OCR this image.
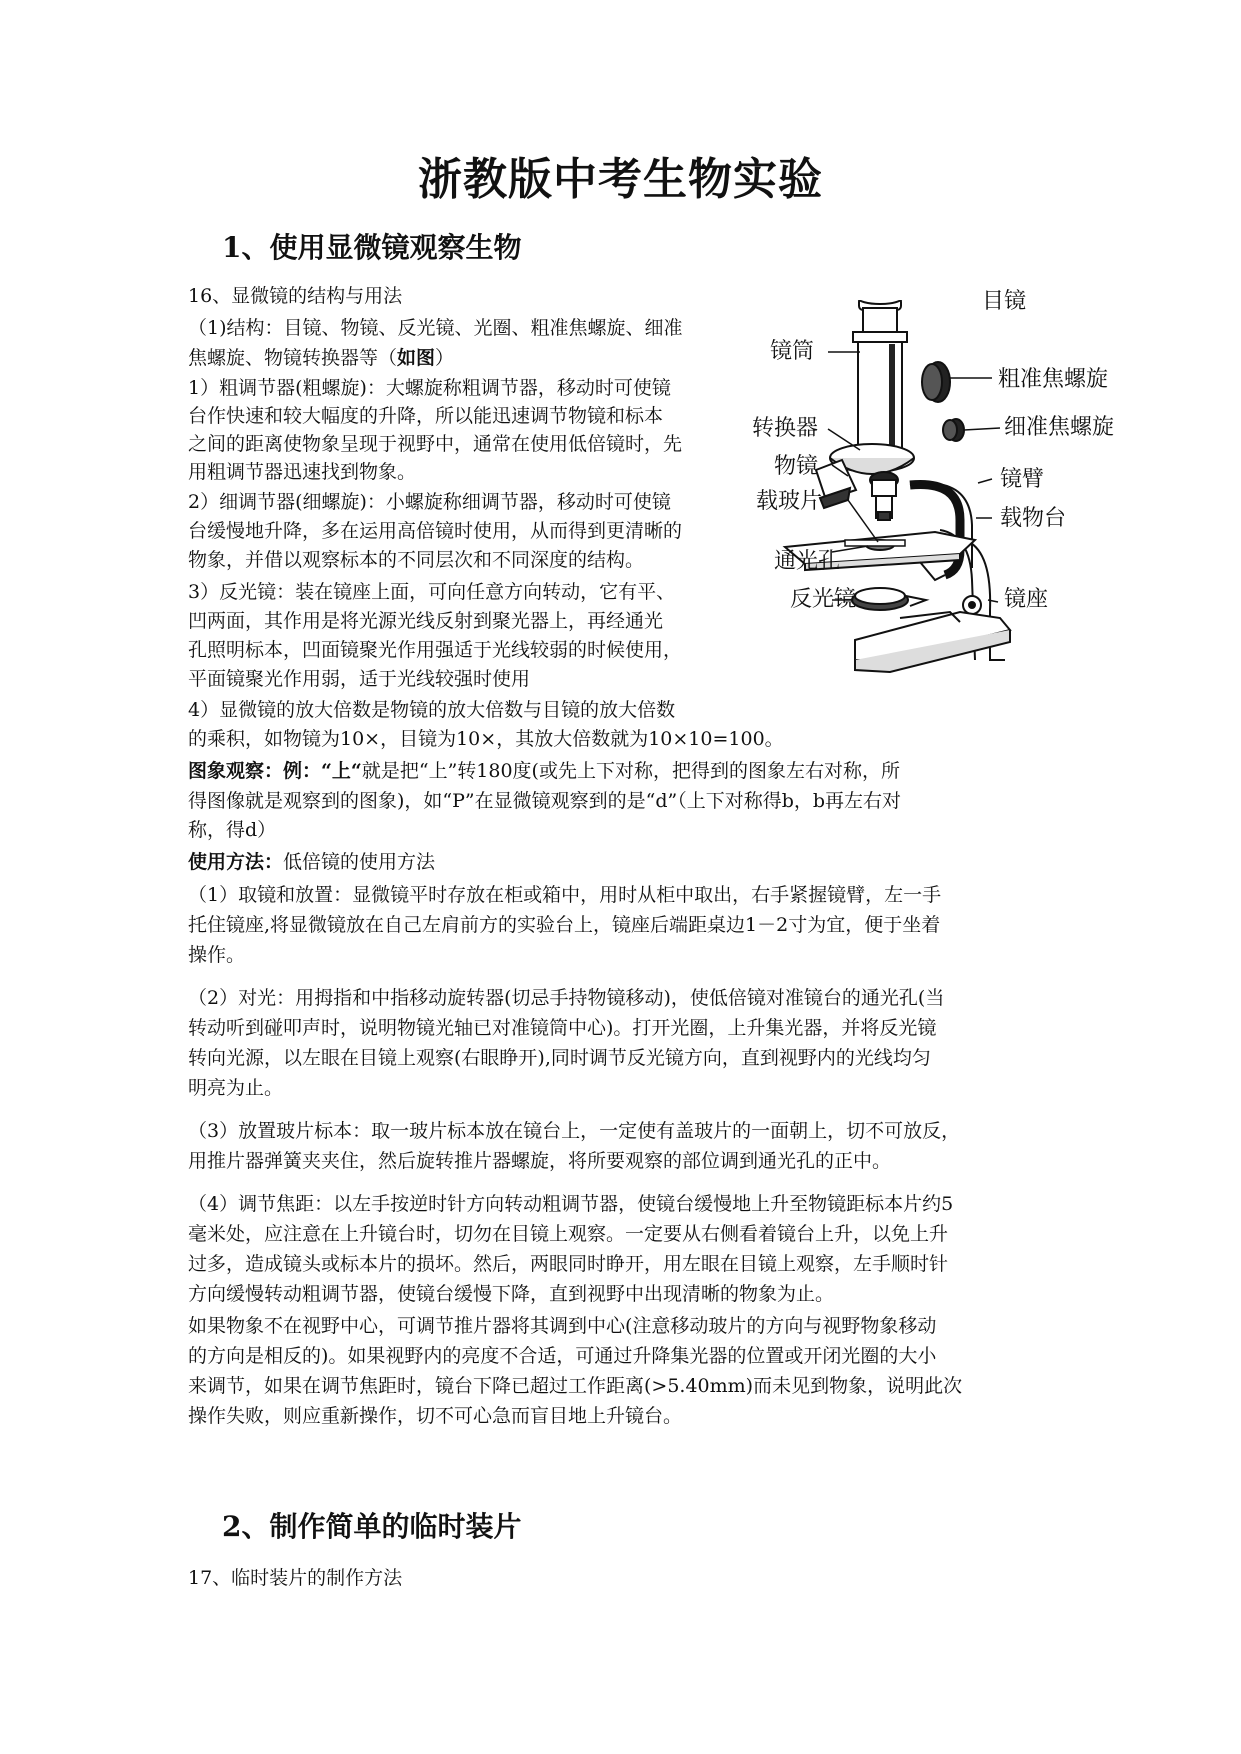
浙教版中考生物实验
1、使用显微镜观察生物
16、显微镜的结构与用法
（1)结构：目镜、物镜、反光镜、光圈、粗准焦螺旋、细准
焦螺旋、物镜转换器等（如图）
1）粗调节器(粗螺旋)：大螺旋称粗调节器，移动时可使镜
台作快速和较大幅度的升降，所以能迅速调节物镜和标本
之间的距离使物象呈现于视野中，通常在使用低倍镜时，先
用粗调节器迅速找到物象。
2）细调节器(细螺旋)：小螺旋称细调节器，移动时可使镜
台缓慢地升降，多在运用高倍镜时使用，从而得到更清晰的
物象，并借以观察标本的不同层次和不同深度的结构。
3）反光镜：装在镜座上面，可向任意方向转动，它有平、
凹两面，其作用是将光源光线反射到聚光器上，再经通光
孔照明标本，凹面镜聚光作用强适于光线较弱的时候使用，
平面镜聚光作用弱，适于光线较强时使用
4）显微镜的放大倍数是物镜的放大倍数与目镜的放大倍数
的乘积，如物镜为10×，目镜为10×，其放大倍数就为10×10=100。
图象观察：例：“上“就是把“上”转180度(或先上下对称，把得到的图象左右对称，所
得图像就是观察到的图象)，如“P”在显微镜观察到的是“d”（上下对称得b，b再左右对
称，得d）
使用方法：低倍镜的使用方法
（1）取镜和放置：显微镜平时存放在柜或箱中，用时从柜中取出，右手紧握镜臂，左一手
托住镜座,将显微镜放在自己左肩前方的实验台上，镜座后端距桌边1－2寸为宜，便于坐着
操作。
（2）对光：用拇指和中指移动旋转器(切忌手持物镜移动)，使低倍镜对准镜台的通光孔(当
转动听到碰叩声时，说明物镜光轴已对准镜筒中心)。打开光圈，上升集光器，并将反光镜
转向光源，以左眼在目镜上观察(右眼睁开),同时调节反光镜方向，直到视野内的光线均匀
明亮为止。
（3）放置玻片标本：取一玻片标本放在镜台上，一定使有盖玻片的一面朝上，切不可放反，
用推片器弹簧夹夹住，然后旋转推片器螺旋，将所要观察的部位调到通光孔的正中。
（4）调节焦距：以左手按逆时针方向转动粗调节器，使镜台缓慢地上升至物镜距标本片约5
毫米处，应注意在上升镜台时，切勿在目镜上观察。一定要从右侧看着镜台上升，以免上升
过多，造成镜头或标本片的损坏。然后，两眼同时睁开，用左眼在目镜上观察，左手顺时针
方向缓慢转动粗调节器，使镜台缓慢下降，直到视野中出现清晰的物象为止。
如果物象不在视野中心，可调节推片器将其调到中心(注意移动玻片的方向与视野物象移动
的方向是相反的)。如果视野内的亮度不合适，可通过升降集光器的位置或开闭光圈的大小
来调节，如果在调节焦距时，镜台下降已超过工作距离(>5.40mm)而未见到物象，说明此次
操作失败，则应重新操作，切不可心急而盲目地上升镜台。
2、制作简单的临时装片
17、临时装片的制作方法
目镜
镜筒
粗准焦螺旋
转换器	细准焦螺旋
物镜
镜臂
载玻片
载物台
通光孔
反光镜	镜座
